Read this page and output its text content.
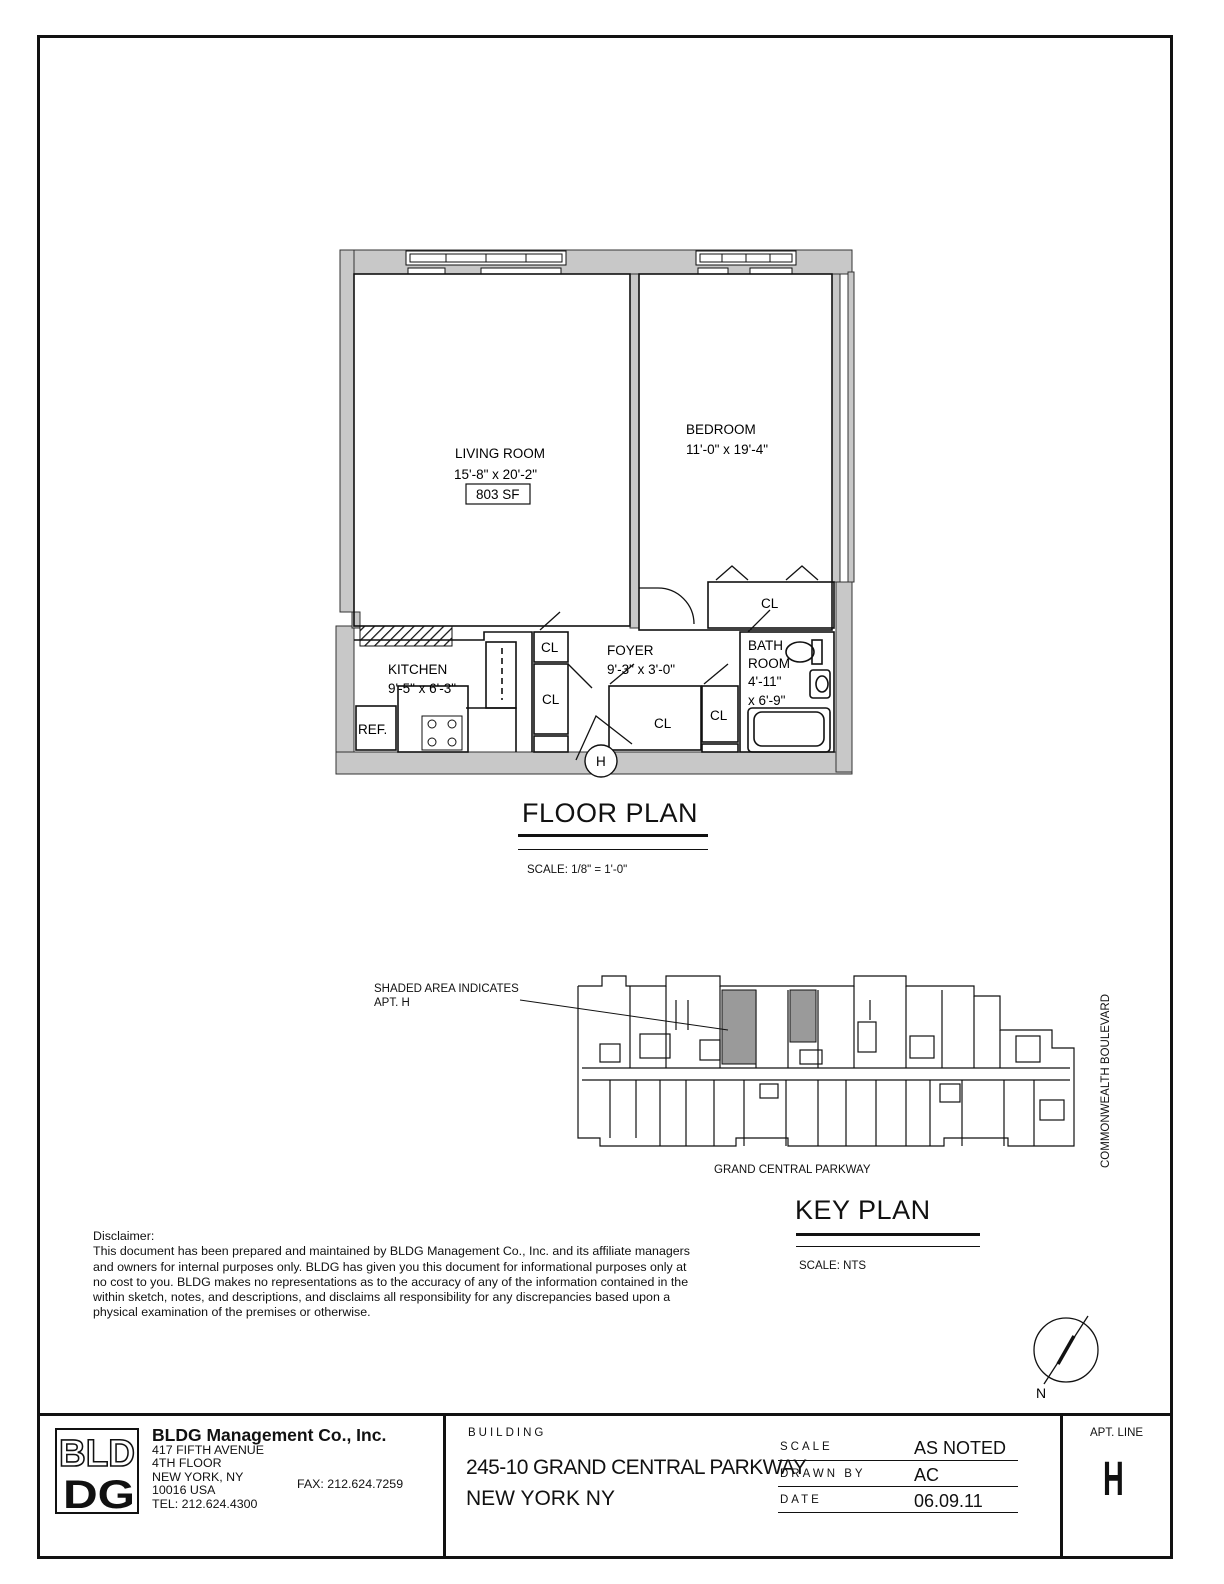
LIVING ROOM
15'-8" x 20'-2"
803 SF
BEDROOM
11'-0" x 19'-4"
KITCHEN
9'-5" x 6'-3"
REF.
FOYER
9'-3" x 3'-0"
BATH
ROOM
4'-11"
x 6'-9"
CL
CL
CL
CL
CL
H
FLOOR PLAN
SCALE: 1/8" = 1'-0"
SHADED AREA INDICATES
APT. H
GRAND CENTRAL PARKWAY
COMMONWEALTH BOULEVARD
KEY PLAN
SCALE: NTS
N
Disclaimer:
This document has been prepared and maintained by BLDG Management Co., Inc. and its affiliate managers and owners for internal purposes only. BLDG has given you this document for informational purposes only at no cost to you. BLDG makes no representations as to the accuracy of any of the information contained in the within sketch, notes, and descriptions, and disclaims all responsibility for any discrepancies based upon a physical examination of the premises or otherwise.
BLD
DG
BLDG Management Co., Inc.
417 FIFTH AVENUE
4TH FLOOR
NEW YORK, NY
10016 USA
TEL: 212.624.4300
FAX: 212.624.7259
BUILDING
245-10 GRAND CENTRAL PARKWAY
NEW YORK NY
SCALE	AS NOTED
DRAWN BY	AC
DATE	06.09.11
APT. LINE
H
